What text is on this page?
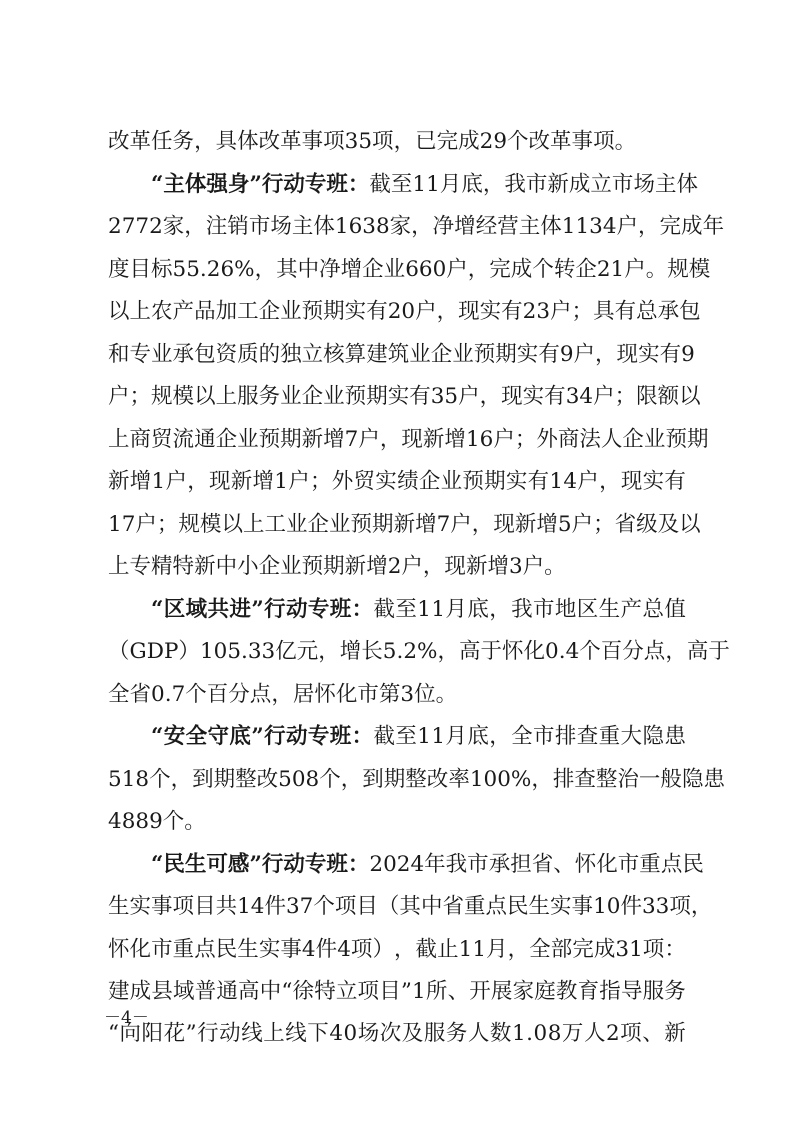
改 革 任 务 ， 具 体 改 革 事 项 3 5 项 ， 已 完 成 2 9 个 改 革 事 项 。
“ 主 体 强 身 ” 行 动 专 班 ： 截 至 1 1 月 底 ， 我 市 新 成 立 市 场 主 体
2 7 7 2 家 ， 注 销 市 场 主 体 1 6 3 8 家 ， 净 增 经 营 主 体 1 1 3 4 户 ， 完 成 年
度 目 标 5 5 . 2 6 % ， 其 中 净 增 企 业 6 6 0 户 ， 完 成 个 转 企 2 1 户 。 规 模
以 上 农 产 品 加 工 企 业 预 期 实 有 2 0 户 ， 现 实 有 2 3 户 ； 具 有 总 承 包
和 专 业 承 包 资 质 的 独 立 核 算 建 筑 业 企 业 预 期 实 有 9 户 ， 现 实 有 9
户 ； 规 模 以 上 服 务 业 企 业 预 期 实 有 3 5 户 ， 现 实 有 3 4 户 ； 限 额 以
上 商 贸 流 通 企 业 预 期 新 增 7 户 ， 现 新 增 1 6 户 ； 外 商 法 人 企 业 预 期
新 增 1 户 ， 现 新 增 1 户 ； 外 贸 实 绩 企 业 预 期 实 有 1 4 户 ， 现 实 有
1 7 户 ； 规 模 以 上 工 业 企 业 预 期 新 增 7 户 ， 现 新 增 5 户 ； 省 级 及 以
上 专 精 特 新 中 小 企 业 预 期 新 增 2 户 ， 现 新 增 3 户 。
“ 区 域 共 进 ” 行 动 专 班 ： 截 至 1 1 月 底 ， 我 市 地 区 生 产 总 值
（ G D P ） 1 0 5 . 3 3 亿 元 ， 增 长 5 . 2 % ， 高 于 怀 化 0 . 4 个 百 分 点 ， 高 于
全 省 0 . 7 个 百 分 点 ， 居 怀 化 市 第 3 位 。
“ 安 全 守 底 ” 行 动 专 班 ： 截 至 1 1 月 底 ， 全 市 排 查 重 大 隐 患
5 1 8 个 ， 到 期 整 改 5 0 8 个 ， 到 期 整 改 率 1 0 0 % ， 排 查 整 治 一 般 隐 患
4 8 8 9 个 。
“ 民 生 可 感 ” 行 动 专 班 ： 2 0 2 4 年 我 市 承 担 省 、 怀 化 市 重 点 民
生 实 事 项 目 共 1 4 件 3 7 个 项 目 （ 其 中 省 重 点 民 生 实 事 1 0 件 3 3 项 ，
怀 化 市 重 点 民 生 实 事 4 件 4 项 ） ， 截 止 1 1 月 ， 全 部 完 成 3 1 项 ：
建 成 县 域 普 通 高 中 “ 徐 特 立 项 目 ” 1 所 、 开 展 家 庭 教 育 指 导 服 务
“ 向 阳 花 ” 行 动 线 上 线 下 4 0 场 次 及 服 务 人 数 1 . 0 8 万 人 2 项 、 新
－4－
